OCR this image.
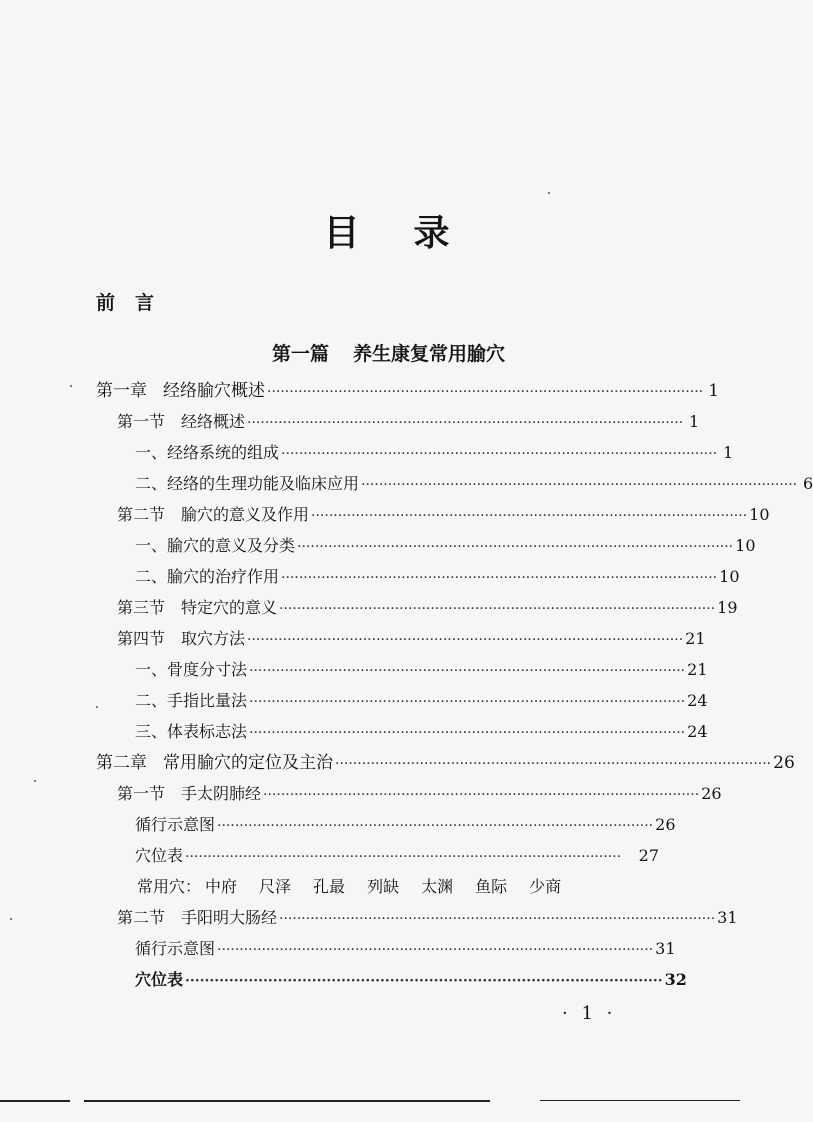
目 录
前 言
第一篇 养生康复常用腧穴
第一章 经络腧穴概述 ·································································································· 1
第一节 经络概述 ·································································································· 1
一、经络系统的组成 ·································································································· 1
二、经络的生理功能及临床应用 ·································································································· 6
第二节 腧穴的意义及作用 ·································································································· 10
一、腧穴的意义及分类 ·································································································· 10
二、腧穴的治疗作用 ·································································································· 10
第三节 特定穴的意义 ·································································································· 19
第四节 取穴方法 ·································································································· 21
一、骨度分寸法 ·································································································· 21
二、手指比量法 ·································································································· 24
三、体表标志法 ·································································································· 24
第二章 常用腧穴的定位及主治 ·································································································· 26
第一节 手太阴肺经 ·································································································· 26
循行示意图 ·································································································· 26
穴位表 ··································································································	27
常用穴： 中府 尺泽 孔最 列缺 太渊 鱼际 少商
第二节 手阳明大肠经 ·································································································· 31
循行示意图 ·································································································· 31
穴位表 ·································································································· 32
· 1 ·
